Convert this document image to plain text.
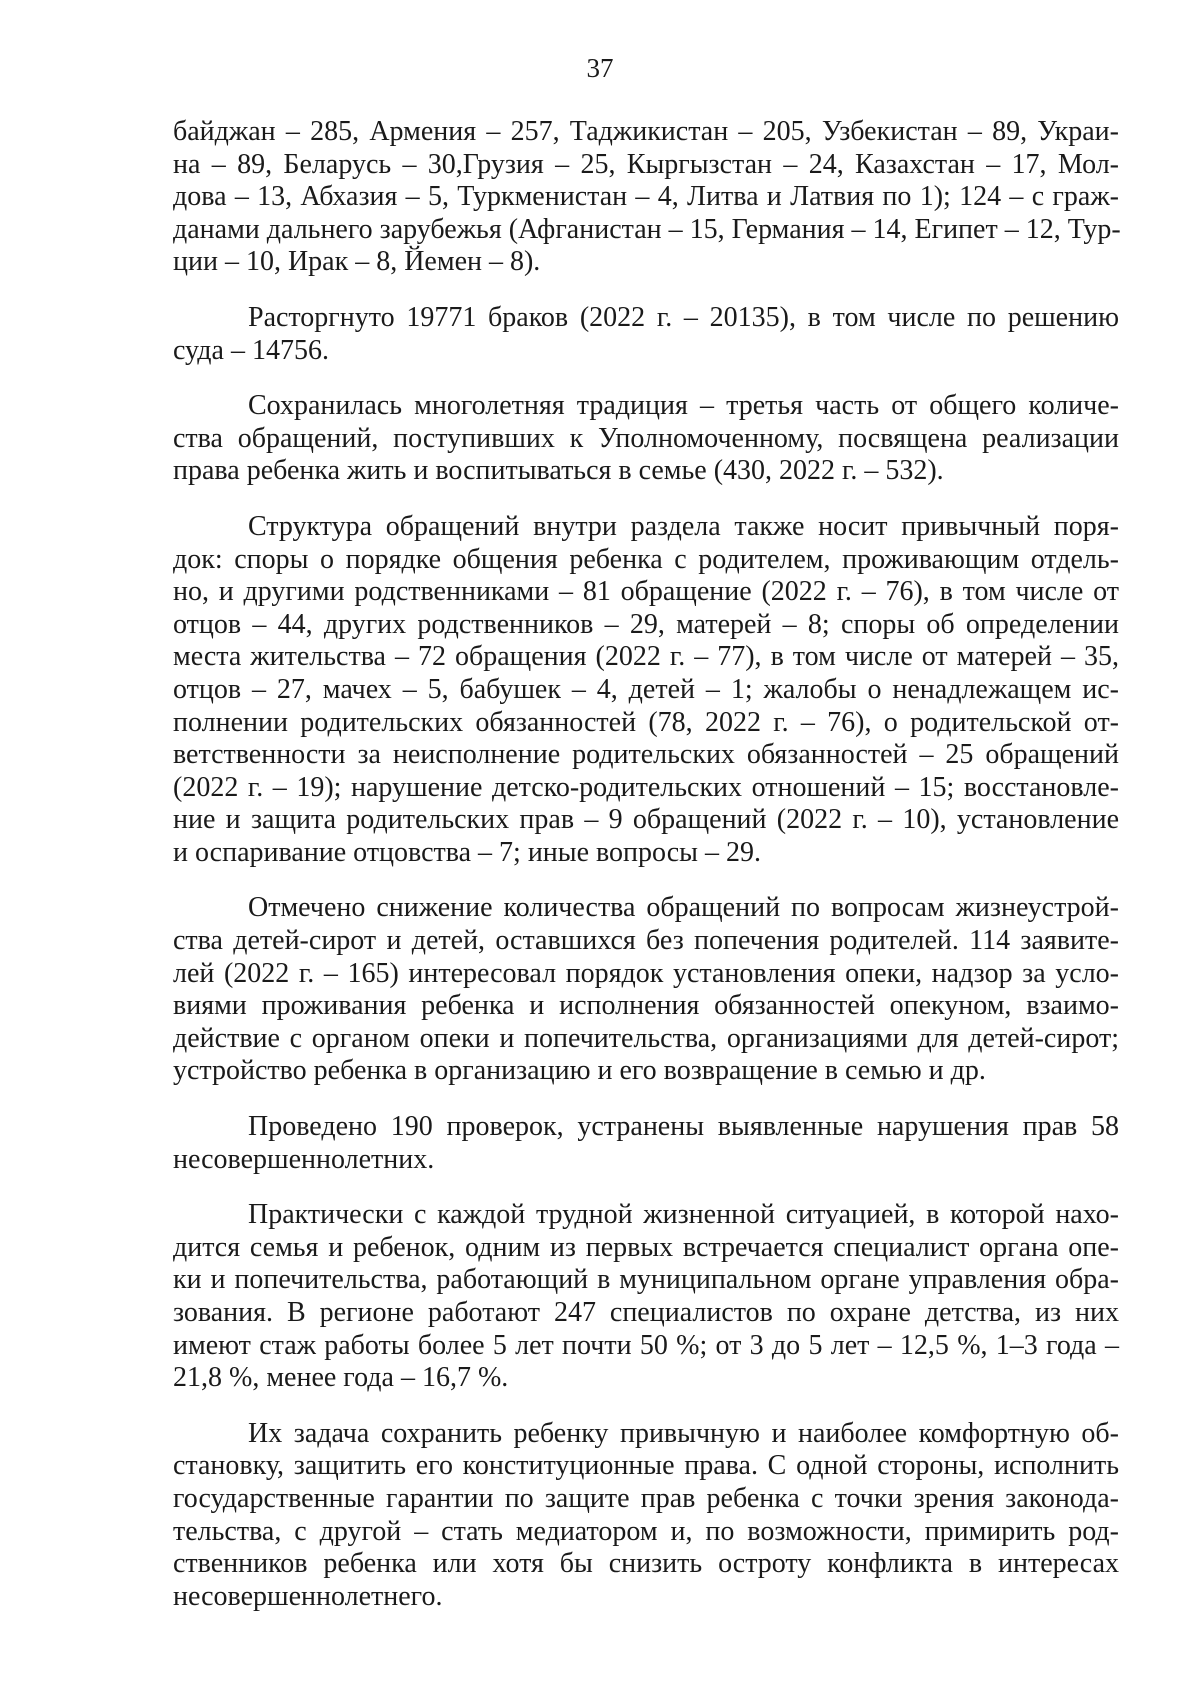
37

байджан – 285, Армения – 257, Таджикистан – 205, Узбекистан – 89, Украи-
на – 89, Беларусь – 30,Грузия – 25, Кыргызстан – 24, Казахстан – 17, Мол-
дова – 13, Абхазия – 5, Туркменистан – 4, Литва и Латвия по 1); 124 – с граж-
данами дальнего зарубежья (Афганистан – 15, Германия – 14, Египет – 12, Тур-
ции – 10, Ирак – 8, Йемен – 8).

Расторгнуто 19771 браков (2022 г. – 20135), в том числе по решению
суда – 14756.

Сохранилась многолетняя традиция – третья часть от общего количе-
ства обращений, поступивших к Уполномоченному, посвящена реализации
права ребенка жить и воспитываться в семье (430, 2022 г. – 532).

Структура обращений внутри раздела также носит привычный поря-
док: споры о порядке общения ребенка с родителем, проживающим отдель-
но, и другими родственниками – 81 обращение (2022 г. – 76), в том числе от
отцов – 44, других родственников – 29, матерей – 8; споры об определении
места жительства – 72 обращения (2022 г. – 77), в том числе от матерей – 35,
отцов – 27, мачех – 5, бабушек – 4, детей – 1; жалобы о ненадлежащем ис-
полнении родительских обязанностей (78, 2022 г. – 76), о родительской от-
ветственности за неисполнение родительских обязанностей – 25 обращений
(2022 г. – 19); нарушение детско-родительских отношений – 15; восстановле-
ние и защита родительских прав – 9 обращений (2022 г. – 10), установление
и оспаривание отцовства – 7; иные вопросы – 29.

Отмечено снижение количества обращений по вопросам жизнеустрой-
ства детей-сирот и детей, оставшихся без попечения родителей. 114 заявите-
лей (2022 г. – 165) интересовал порядок установления опеки, надзор за усло-
виями проживания ребенка и исполнения обязанностей опекуном, взаимо-
действие с органом опеки и попечительства, организациями для детей-сирот;
устройство ребенка в организацию и его возвращение в семью и др.

Проведено 190 проверок, устранены выявленные нарушения прав 58
несовершеннолетних.

Практически с каждой трудной жизненной ситуацией, в которой нахо-
дится семья и ребенок, одним из первых встречается специалист органа опе-
ки и попечительства, работающий в муниципальном органе управления обра-
зования. В регионе работают 247 специалистов по охране детства, из них
имеют стаж работы более 5 лет почти 50 %; от 3 до 5 лет – 12,5 %, 1–3 года –
21,8 %, менее года – 16,7 %.

Их задача сохранить ребенку привычную и наиболее комфортную об-
становку, защитить его конституционные права. С одной стороны, исполнить
государственные гарантии по защите прав ребенка с точки зрения законода-
тельства, с другой – стать медиатором и, по возможности, примирить род-
ственников ребенка или хотя бы снизить остроту конфликта в интересах
несовершеннолетнего.
